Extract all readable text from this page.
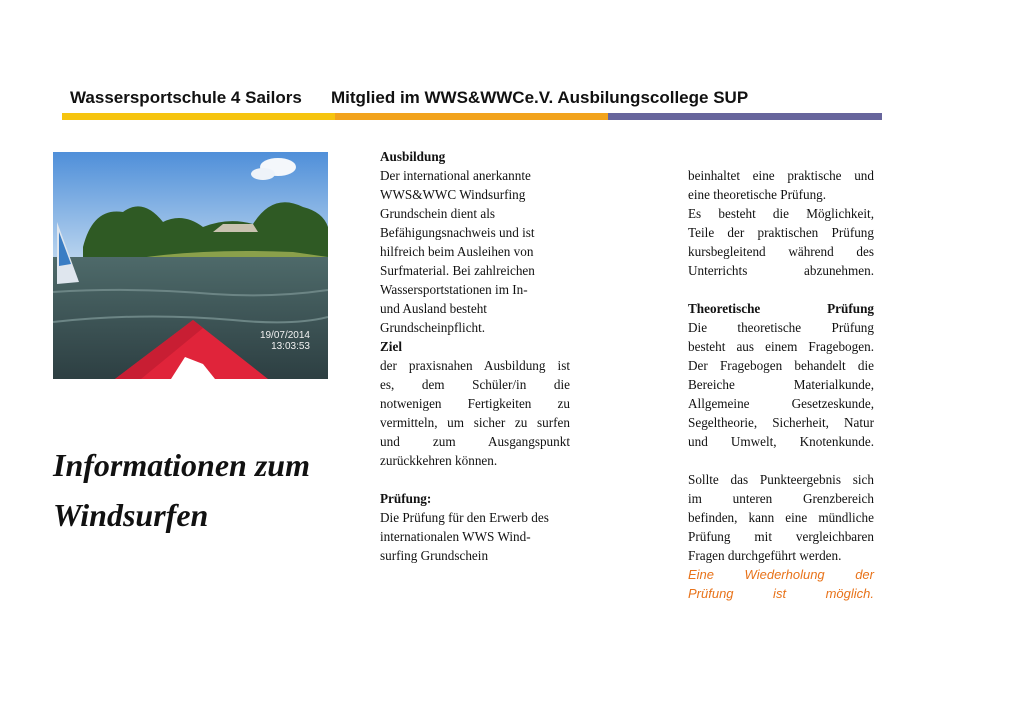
Wassersportschule 4 Sailors Mitglied im WWS&WWCe.V. Ausbilungscollege SUP
19/07/2014
13:03:53
Informationen zum
Windsurfen

Ausbildung

Der international anerkannte

WWS&WWC Windsurfing

Grundschein dient als

Befähigungsnachweis und ist

hilfreich beim Ausleihen von

Surfmaterial. Bei zahlreichen

Wassersportstationen im In-

und Ausland besteht

Grundscheinpflicht.

Ziel

der praxisnahen Ausbildung ist

es, dem Schüler/in die

notwenigen Fertigkeiten zu

vermitteln, um sicher zu surfen

und zum Ausgangspunkt

zurückkehren können.

Prüfung:

Die Prüfung für den Erwerb des

internationalen WWS Wind-

surfing Grundschein

beinhaltet eine praktische und

eine theoretische Prüfung.

Es besteht die Möglichkeit,

Teile der praktischen Prüfung

kursbegleitend während des

Unterrichts abzunehmen.

Theoretische Prüfung

Die theoretische Prüfung

besteht aus einem Fragebogen.

Der Fragebogen behandelt die

Bereiche Materialkunde,

Allgemeine Gesetzeskunde,

Segeltheorie, Sicherheit, Natur

und Umwelt, Knotenkunde.

Sollte das Punkteergebnis sich

im unteren Grenzbereich

befinden, kann eine mündliche

Prüfung mit vergleichbaren

Fragen durchgeführt werden.

Eine Wiederholung der

Prüfung ist möglich.
